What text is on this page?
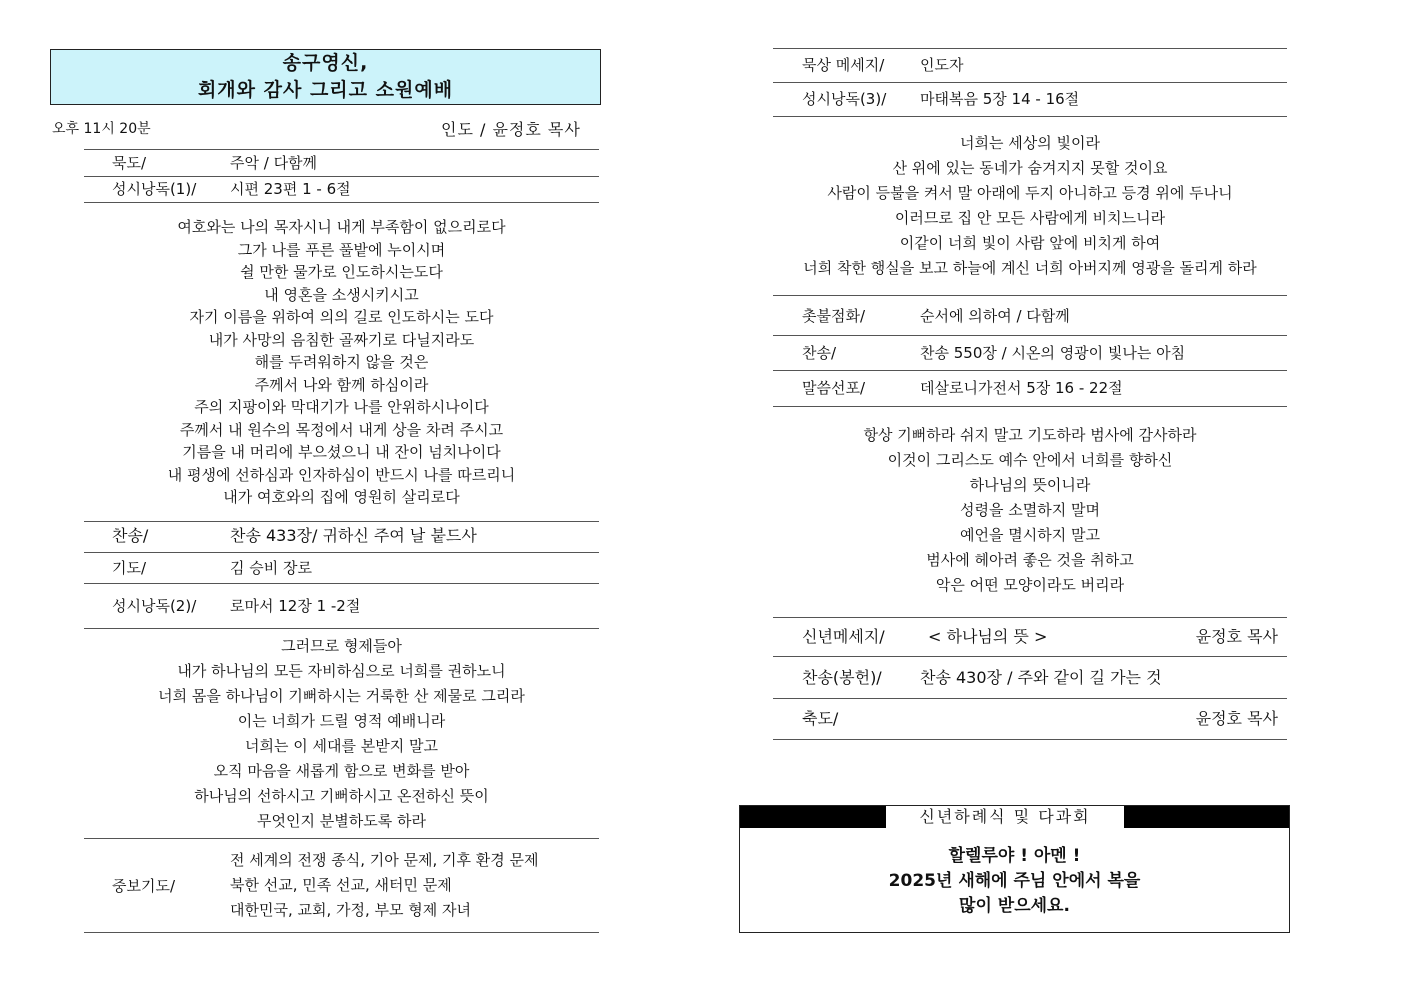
송구영신,
회개와 감사 그리고 소원예배
오후 11시 20분	인도 / 윤정호 목사
묵도/	주악 / 다함께
성시낭독(1)/ 시편 23편 1 - 6절
여호와는 나의 목자시니 내게 부족함이 없으리로다
그가 나를 푸른 풀밭에 누이시며
쉴 만한 물가로 인도하시는도다
내 영혼을 소생시키시고
자기 이름을 위하여 의의 길로 인도하시는 도다
내가 사망의 음침한 골짜기로 다닐지라도
해를 두려워하지 않을 것은
주께서 나와 함께 하심이라
주의 지팡이와 막대기가 나를 안위하시나이다
주께서 내 원수의 목정에서 내게 상을 차려 주시고
기름을 내 머리에 부으셨으니 내 잔이 넘치나이다
내 평생에 선하심과 인자하심이 반드시 나를 따르리니
내가 여호와의 집에 영원히 살리로다
찬송/	찬송 433장/ 귀하신 주여 날 붙드사
기도/	김 승비 장로
성시낭독(2)/ 로마서 12장 1 -2절
그러므로 형제들아
내가 하나님의 모든 자비하심으로 너희를 권하노니
너희 몸을 하나님이 기뻐하시는 거룩한 산 제물로 그리라
이는 너희가 드릴 영적 예배니라
너희는 이 세대를 본받지 말고
오직 마음을 새롭게 함으로 변화를 받아
하나님의 선하시고 기뻐하시고 온전하신 뜻이
무엇인지 분별하도록 하라
중보기도/
전 세계의 전쟁 종식, 기아 문제, 기후 환경 문제
북한 선교, 민족 선교, 새터민 문제
대한민국, 교회, 가정, 부모 형제 자녀
묵상 메세지/ 인도자
성시낭독(3)/ 마태복음 5장 14 - 16절
너희는 세상의 빛이라
산 위에 있는 동네가 숨겨지지 못할 것이요
사람이 등불을 켜서 말 아래에 두지 아니하고 등경 위에 두나니
이러므로 집 안 모든 사람에게 비치느니라
이같이 너희 빛이 사람 앞에 비치게 하여
너희 착한 행실을 보고 하늘에 계신 너희 아버지께 영광을 돌리게 하라
촛불점화/	순서에 의하여 / 다함께
찬송/	찬송 550장 / 시온의 영광이 빛나는 아침
말씀선포/	데살로니가전서 5장 16 - 22절
항상 기뻐하라 쉬지 말고 기도하라 범사에 감사하라
이것이 그리스도 예수 안에서 너희를 향하신
하나님의 뜻이니라
성령을 소멸하지 말며
예언을 멸시하지 말고
범사에 헤아려 좋은 것을 취하고
악은 어떤 모양이라도 버리라
신년메세지/	< 하나님의 뜻 >	윤정호 목사
찬송(봉헌)/ 찬송 430장 / 주와 같이 길 가는 것
축도/	윤정호 목사
신년하례식 및 다과회
할렐루야 ! 아멘 !
2025년 새해에 주님 안에서 복을
많이 받으세요.
